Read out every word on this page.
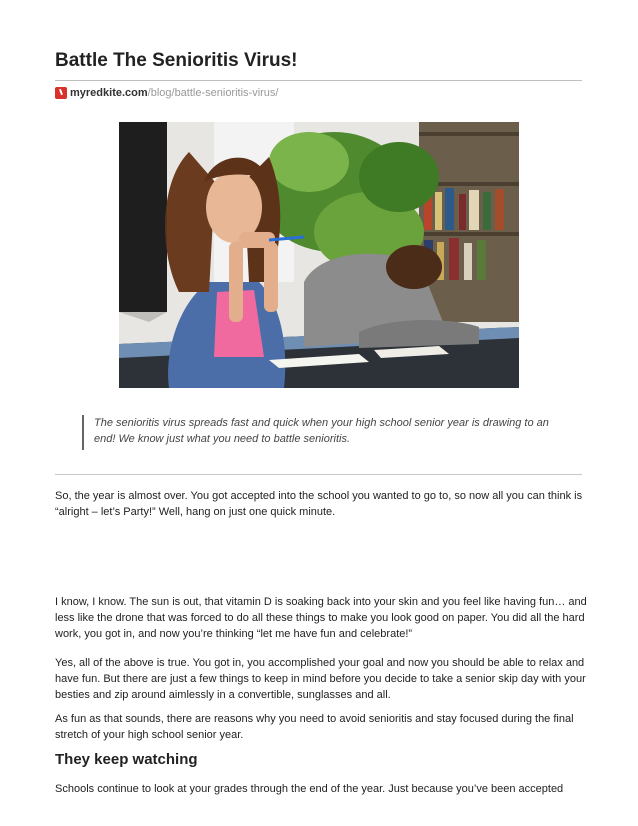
Battle The Senioritis Virus!
myredkite.com /blog/battle-senioritis-virus/

The senioritis virus spreads fast and quick when your high school senior year is drawing to an end! We know just what you need to battle senioritis.

So, the year is almost over. You got accepted into the school you wanted to go to, so now all you can think is “alright – let’s Party!” Well, hang on just one quick minute.

I know, I know. The sun is out, that vitamin D is soaking back into your skin and you feel like having fun… and less like the drone that was forced to do all these things to make you look good on paper. You did all the hard work, you got in, and now you’re thinking “let me have fun and celebrate!”

Yes, all of the above is true. You got in, you accomplished your goal and now you should be able to relax and have fun. But there are just a few things to keep in mind before you decide to take a senior skip day with your besties and zip around aimlessly in a convertible, sunglasses and all.

As fun as that sounds, there are reasons why you need to avoid senioritis and stay focused during the final stretch of your high school senior year.

They keep watching

Schools continue to look at your grades through the end of the year. Just because you’ve been accepted
